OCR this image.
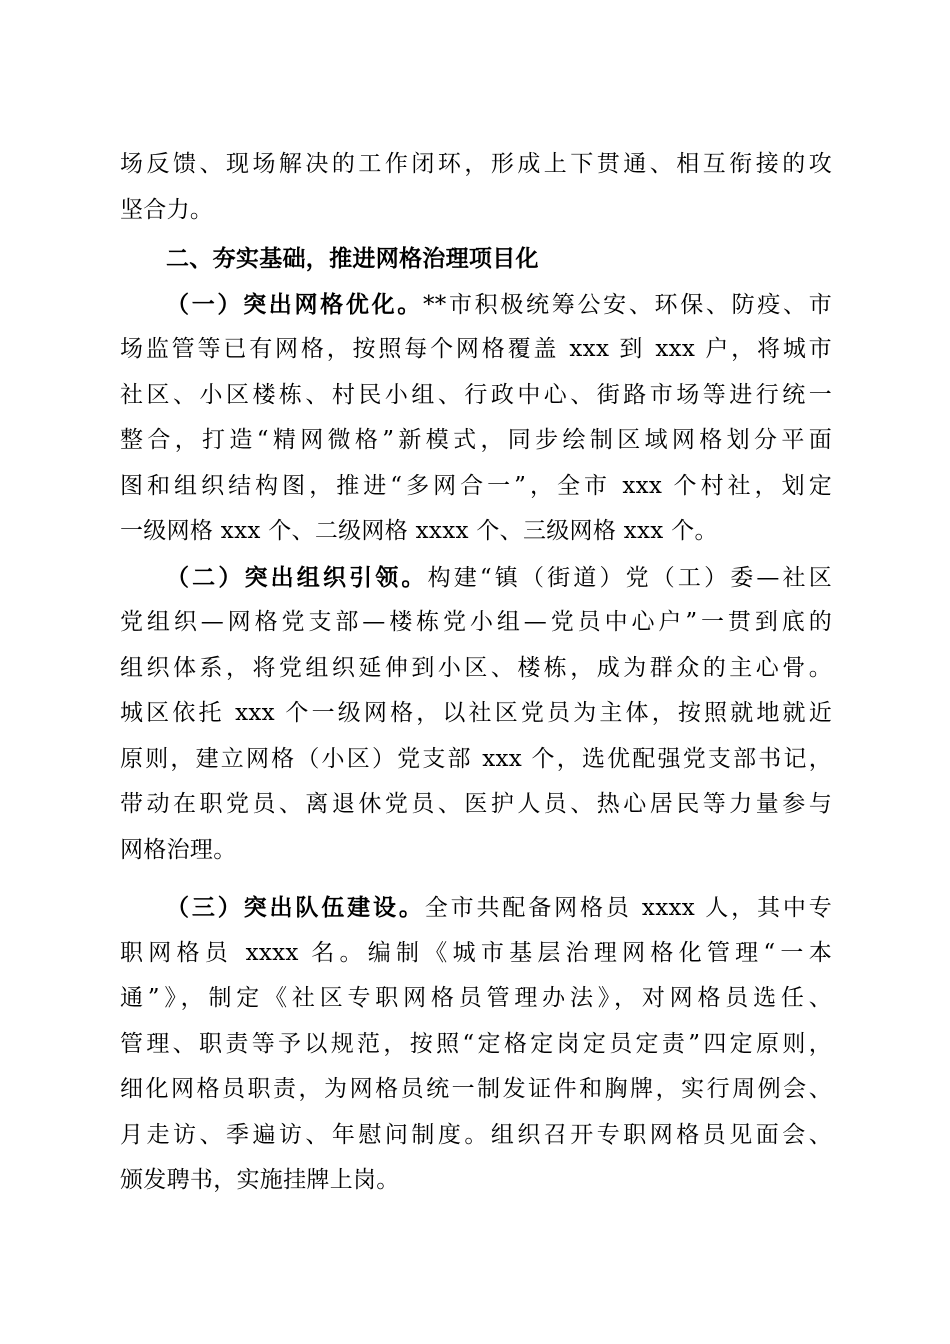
场反馈、现场解决的工作闭环，形成上下贯通、相互衔接的攻
坚合力。
二、夯实基础，推进网格治理项目化
（一）突出网格优化。**市积极统筹公安、环保、防疫、市
场监管等已有网格，按照每个网格覆盖 xxx 到 xxx 户，将城市
社区、小区楼栋、村民小组、行政中心、街路市场等进行统一
整合，打造“精网微格”新模式，同步绘制区域网格划分平面
图和组织结构图，推进“多网合一”，全市 xxx 个村社，划定
一级网格 xxx 个、二级网格 xxxx 个、三级网格 xxx 个。
（二）突出组织引领。构建“镇（街道）党（工）委—社区
党组织—网格党支部—楼栋党小组—党员中心户”一贯到底的
组织体系，将党组织延伸到小区、楼栋，成为群众的主心骨。
城区依托 xxx 个一级网格，以社区党员为主体，按照就地就近
原则，建立网格（小区）党支部 xxx 个，选优配强党支部书记，
带动在职党员、离退休党员、医护人员、热心居民等力量参与
网格治理。
（三）突出队伍建设。全市共配备网格员 xxxx 人，其中专
职网格员 xxxx 名。编制《城市基层治理网格化管理“一本
通”》，制定《社区专职网格员管理办法》，对网格员选任、
管理、职责等予以规范，按照“定格定岗定员定责”四定原则，
细化网格员职责，为网格员统一制发证件和胸牌，实行周例会、
月走访、季遍访、年慰问制度。组织召开专职网格员见面会、
颁发聘书，实施挂牌上岗。
